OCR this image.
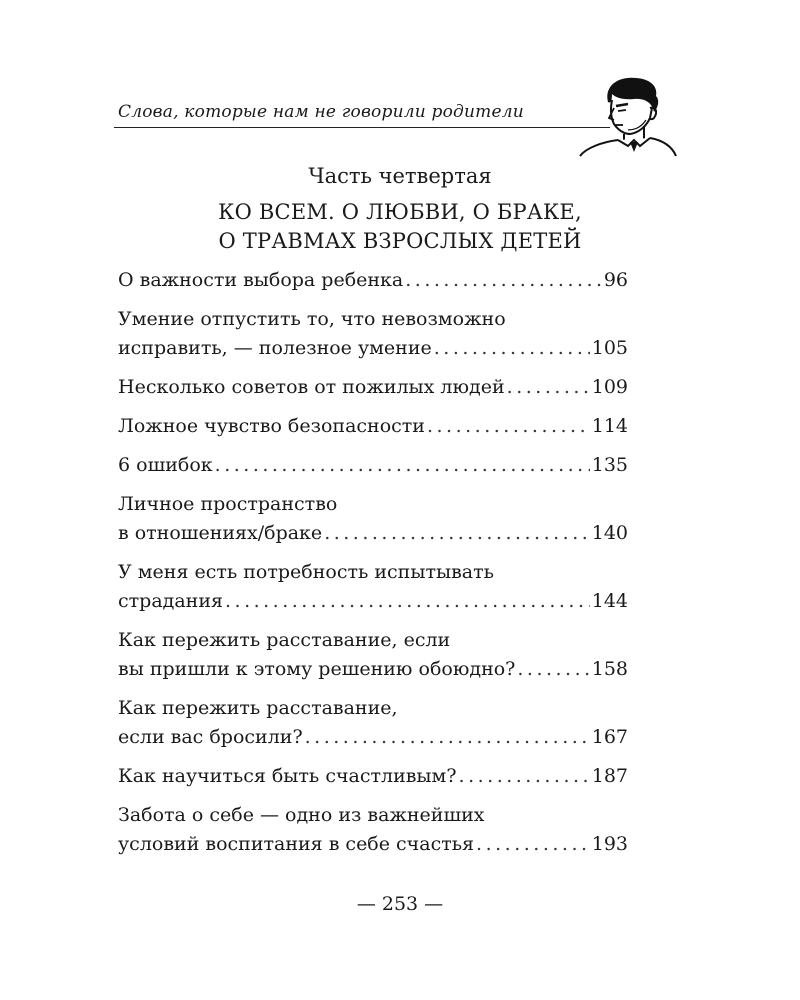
Слова, которые нам не говорили родители
Часть четвертая
КО ВСЕМ. О ЛЮБВИ, О БРАКЕ,
О ТРАВМАХ ВЗРОСЛЫХ ДЕТЕЙ
О важности выбора ребенка .....	96
Умение отпустить то, что невозможно
исправить, — полезное умение .....	105
Несколько советов от пожилых людей .....	109
Ложное чувство безопасности .....	114
6 ошибок .....	135
Личное пространство
в отношениях/браке .....	140
У меня есть потребность испытывать
страдания .....	144
Как пережить расставание, если
вы пришли к этому решению обоюдно? .....	158
Как пережить расставание,
если вас бросили? .....	167
Как научиться быть счастливым? .....	187
Забота о себе — одно из важнейших
условий воспитания в себе счастья .....	193
— 253 —
